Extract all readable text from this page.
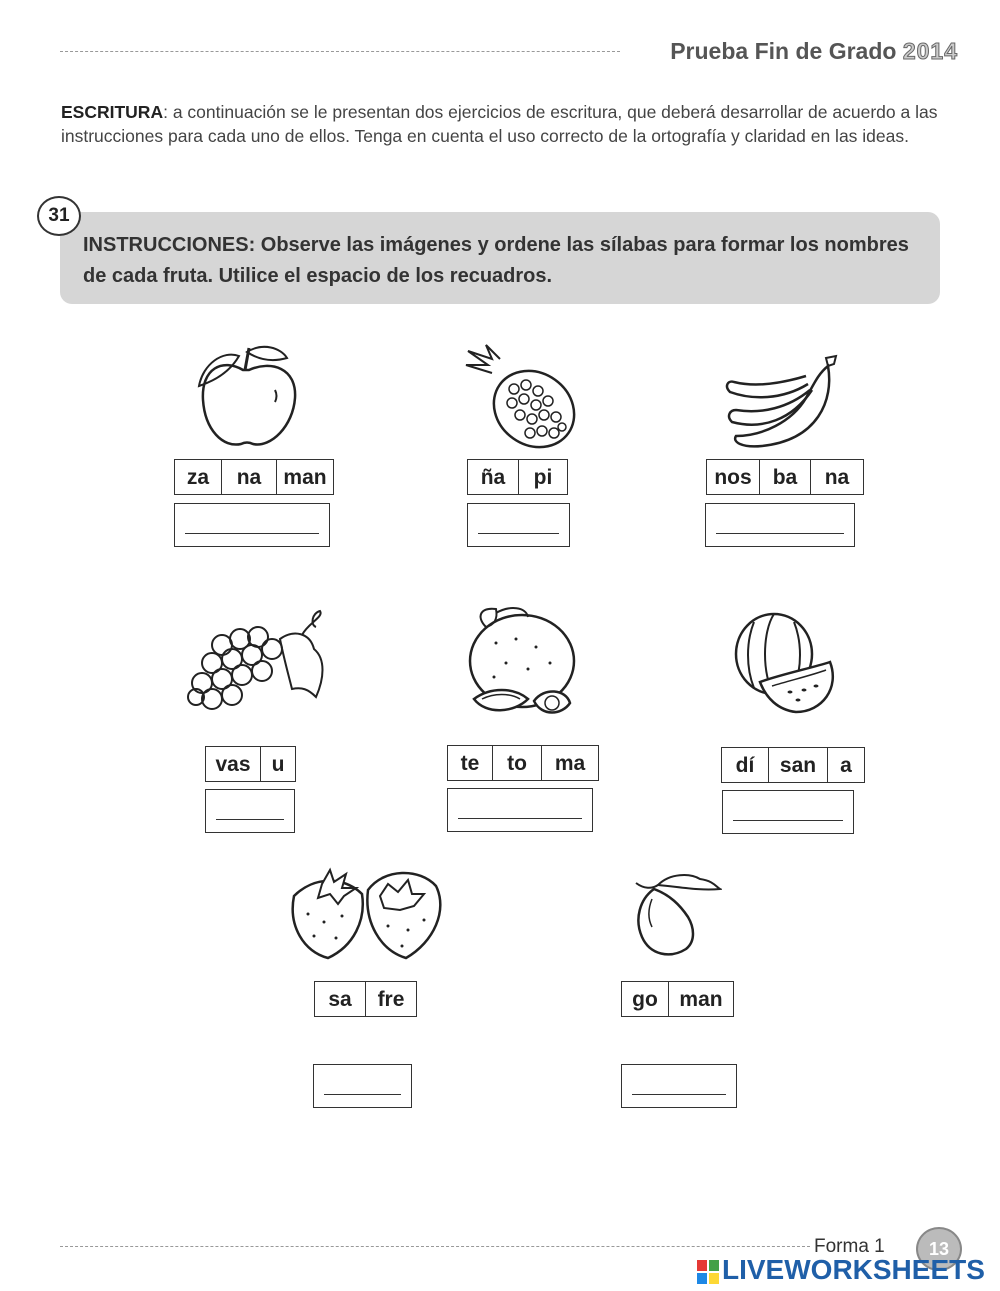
Prueba Fin de Grado 2014
ESCRITURA: a continuación se le presentan dos ejercicios de escritura, que deberá desarrollar de acuerdo a las instrucciones para cada uno de ellos. Tenga en cuenta el uso correcto de la ortografía y claridad en las ideas.
31
INSTRUCCIONES: Observe las imágenes y ordene las sílabas para formar los nombres de cada fruta. Utilice el espacio de los recuadros.
za	na	man	ña	pi	nos	ba	na
vas	u	te	to	ma	dí	san	a
sa	fre	go	man
Forma 1	13
LIVEWORKSHEETS
